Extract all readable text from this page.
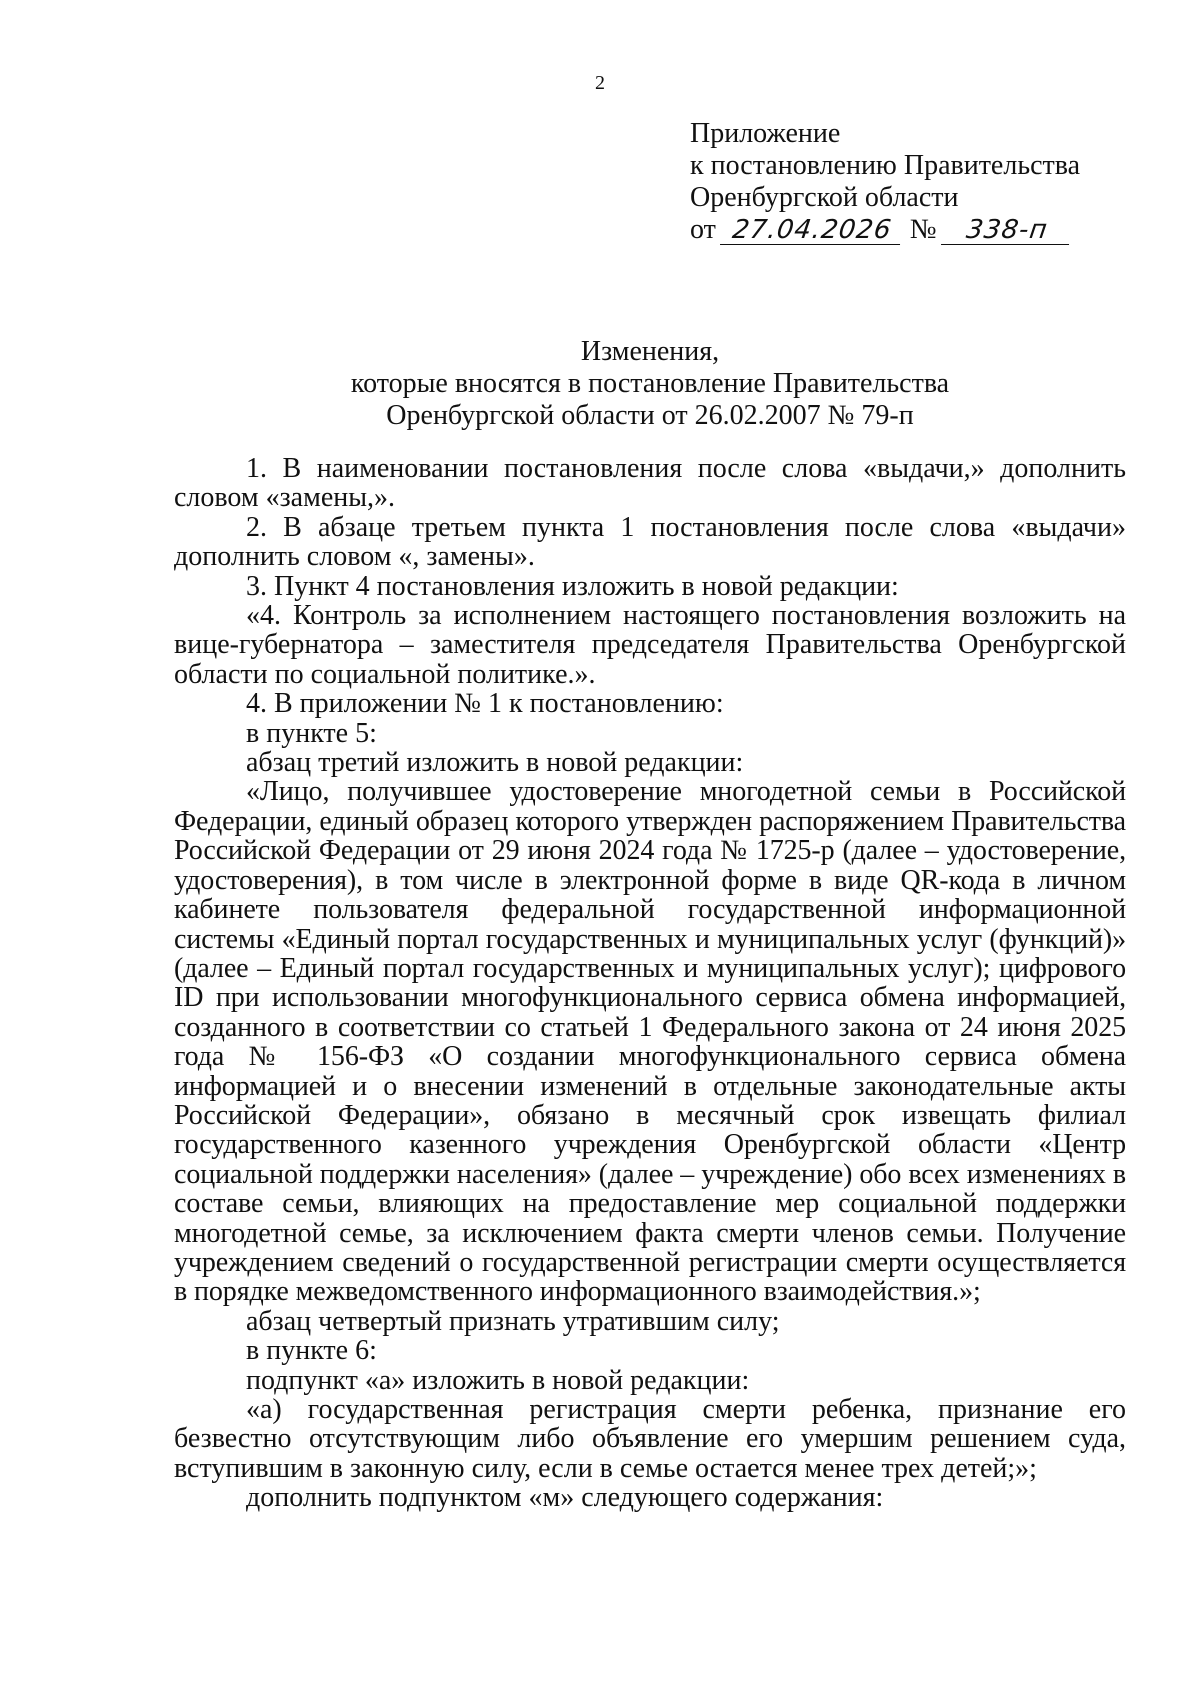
2
Приложение
к постановлению Правительства
Оренбургской области
от 27.04.2026 № 338-п
Изменения,
которые вносятся в постановление Правительства
Оренбургской области от 26.02.2007 № 79-п

1. В наименовании постановления после слова «выдачи,» дополнить словом «замены,».

2. В абзаце третьем пункта 1 постановления после слова «выдачи» дополнить словом «, замены».

3. Пункт 4 постановления изложить в новой редакции:

«4. Контроль за исполнением настоящего постановления возложить на вице-губернатора – заместителя председателя Правительства Оренбургской области по социальной политике.».

4. В приложении № 1 к постановлению:

в пункте 5:

абзац третий изложить в новой редакции:

«Лицо, получившее удостоверение многодетной семьи в Российской Федерации, единый образец которого утвержден распоряжением Правительства Российской Федерации от 29 июня 2024 года № 1725-р (далее – удостоверение, удостоверения), в том числе в электронной форме в виде QR-кода в личном кабинете пользователя федеральной государственной информационной системы «Единый портал государственных и муниципальных услуг (функций)» (далее – Единый портал государственных и муниципальных услуг); цифрового ID при использовании многофункционального сервиса обмена информацией, созданного в соответствии со статьей 1 Федерального закона от 24 июня 2025 года № 156-ФЗ «О создании многофункционального сервиса обмена информацией и о внесении изменений в отдельные законодательные акты Российской Федерации», обязано в месячный срок извещать филиал государственного казенного учреждения Оренбургской области «Центр социальной поддержки населения» (далее – учреждение) обо всех изменениях в составе семьи, влияющих на предоставление мер социальной поддержки многодетной семье, за исключением факта смерти членов семьи. Получение учреждением сведений о государственной регистрации смерти осуществляется в порядке межведомственного информационного взаимодействия.»;

абзац четвертый признать утратившим силу;

в пункте 6:

подпункт «а» изложить в новой редакции:

«а) государственная регистрация смерти ребенка, признание его безвестно отсутствующим либо объявление его умершим решением суда, вступившим в законную силу, если в семье остается менее трех детей;»;

дополнить подпунктом «м» следующего содержания:
